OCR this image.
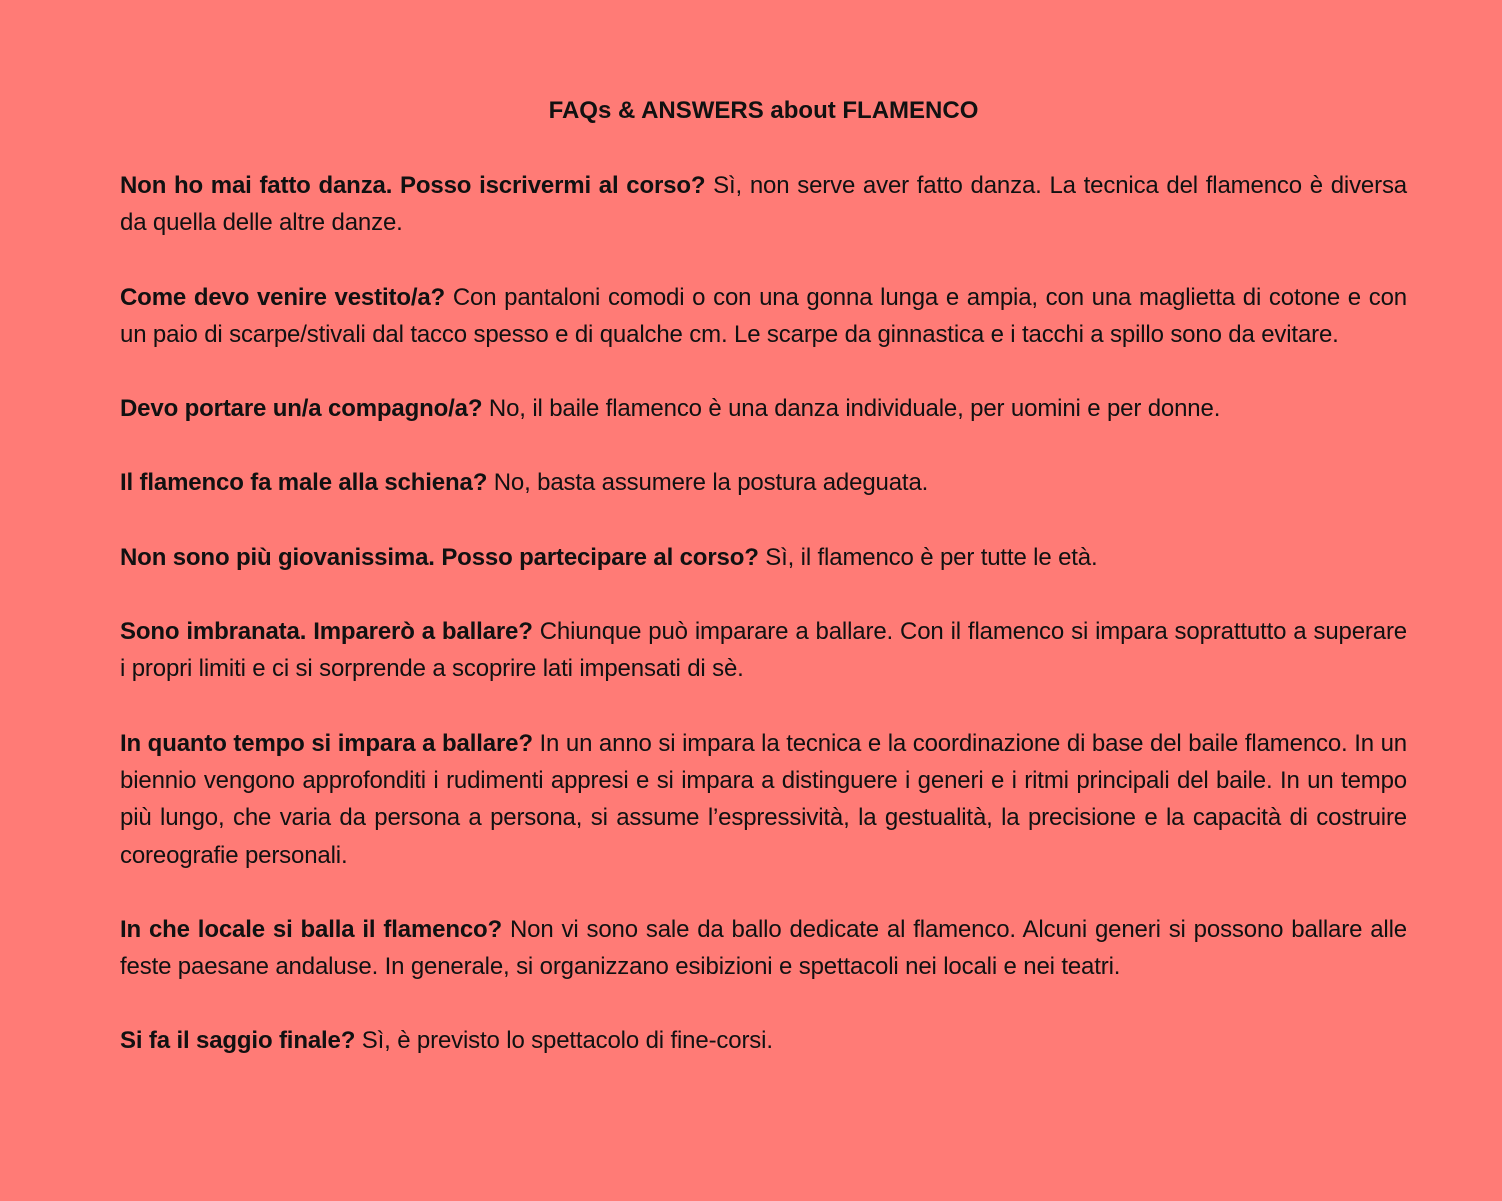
FAQs & ANSWERS about FLAMENCO
Non ho mai fatto danza. Posso iscrivermi al corso? Sì, non serve aver fatto danza. La tecnica del flamenco è diversa da quella delle altre danze.
Come devo venire vestito/a? Con pantaloni comodi o con una gonna lunga e ampia, con una maglietta di cotone e con un paio di scarpe/stivali dal tacco spesso e di qualche cm. Le scarpe da ginnastica e i tacchi a spillo sono da evitare.
Devo portare un/a compagno/a? No, il baile flamenco è una danza individuale, per uomini e per donne.
Il flamenco fa male alla schiena? No, basta assumere la postura adeguata.
Non sono più giovanissima. Posso partecipare al corso? Sì, il flamenco è per tutte le età.
Sono imbranata. Imparerò a ballare? Chiunque può imparare a ballare. Con il flamenco si impara soprattutto a superare i propri limiti e ci si sorprende a scoprire lati impensati di sè.
In quanto tempo si impara a ballare? In un anno si impara la tecnica e la coordinazione di base del baile flamenco. In un biennio vengono approfonditi i rudimenti appresi e si impara a distinguere i generi e i ritmi principali del baile. In un tempo più lungo, che varia da persona a persona, si assume l’espressività, la gestualità, la precisione e la capacità di costruire coreografie personali.
In che locale si balla il flamenco? Non vi sono sale da ballo dedicate al flamenco. Alcuni generi si possono ballare alle feste paesane andaluse. In generale, si organizzano esibizioni e spettacoli nei locali e nei teatri.
Si fa il saggio finale? Sì, è previsto lo spettacolo di fine-corsi.
